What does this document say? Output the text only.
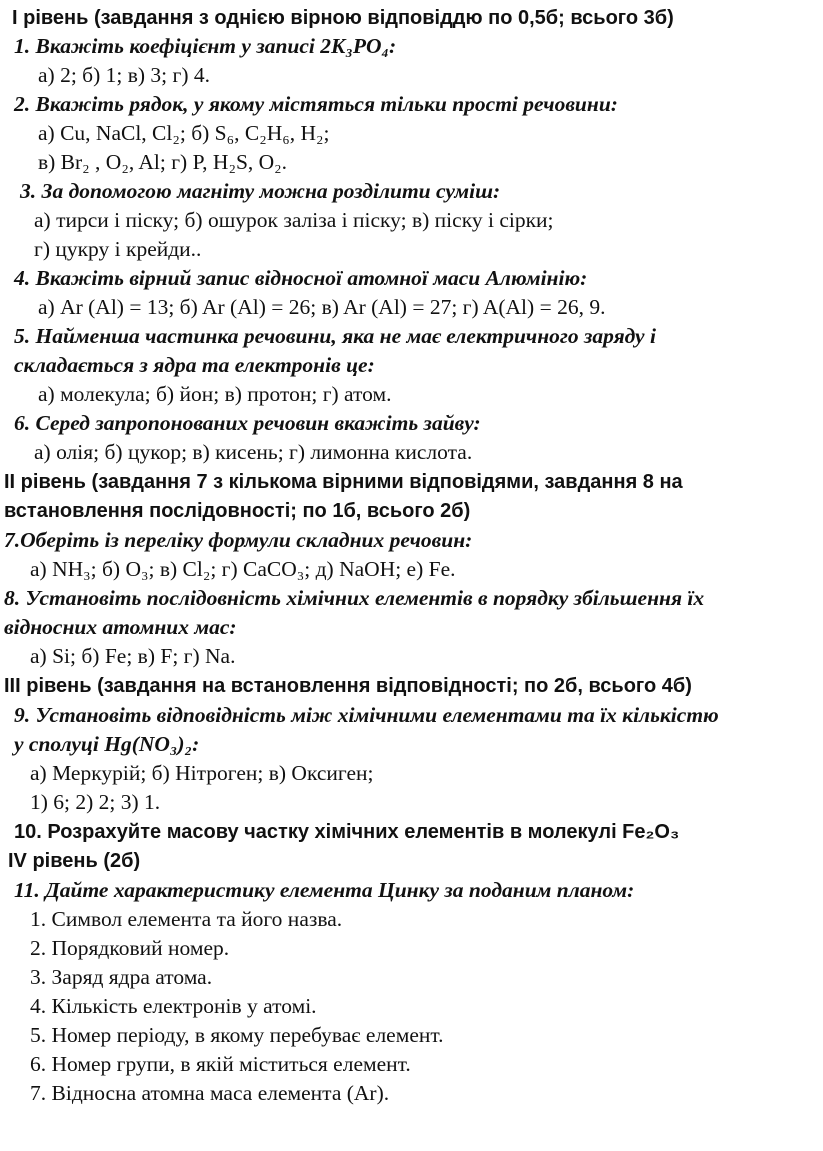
І рівень (завдання з однією вірною відповіддю по 0,5б; всього 3б)
1. Вкажіть коефіцієнт у записі 2K₃PO₄:
а) 2; б) 1; в) 3; г) 4.
2. Вкажіть рядок, у якому містяться тільки прості речовини:
а) Cu, NaCl, Cl₂; б) S₆, C₂H₆, H₂;
в) Br₂ , O₂, Al; г) P, H₂S, O₂.
3. За допомогою магніту можна розділити суміш:
а) тирси і піску; б) ошурок заліза і піску; в) піску і сірки;
г) цукру і крейди..
4. Вкажіть вірний запис відносної атомної маси Алюмінію:
а) Ar (Al) = 13; б) Ar (Al) = 26; в) Ar (Al) = 27; г) A(Al) = 26, 9.
5. Найменша частинка речовини, яка не має електричного заряду і
складається з ядра та електронів це:
а) молекула; б) йон; в) протон; г) атом.
6. Серед запропонованих речовин вкажіть зайву:
а) олія; б) цукор; в) кисень; г) лимонна кислота.
ІІ рівень (завдання 7 з кількома вірними відповідями, завдання 8 на
встановлення послідовності; по 1б, всього 2б)
7.Оберіть із переліку формули складних речовин:
а) NH₃; б) O₃; в) Cl₂; г) CaCO₃; д) NaOH; е) Fe.
8. Установіть послідовність хімічних елементів в порядку збільшення їх
відносних атомних мас:
а) Si; б) Fe; в) F; г) Na.
ІІІ рівень (завдання на встановлення відповідності; по 2б, всього 4б)
9. Установіть відповідність між хімічними елементами та їх кількістю
у сполуці Hg(NO₃)₂:
а) Меркурій; б) Нітроген; в) Оксиген;
1) 6; 2) 2; 3) 1.
10. Розрахуйте масову частку хімічних елементів в молекулі Fe₂O₃
IV рівень (2б)
11. Дайте характеристику елемента Цинку за поданим планом:
1. Символ елемента та його назва.
2. Порядковий номер.
3. Заряд ядра атома.
4. Кількість електронів у атомі.
5. Номер періоду, в якому перебуває елемент.
6. Номер групи, в якій міститься елемент.
7. Відносна атомна маса елемента (Ar).
